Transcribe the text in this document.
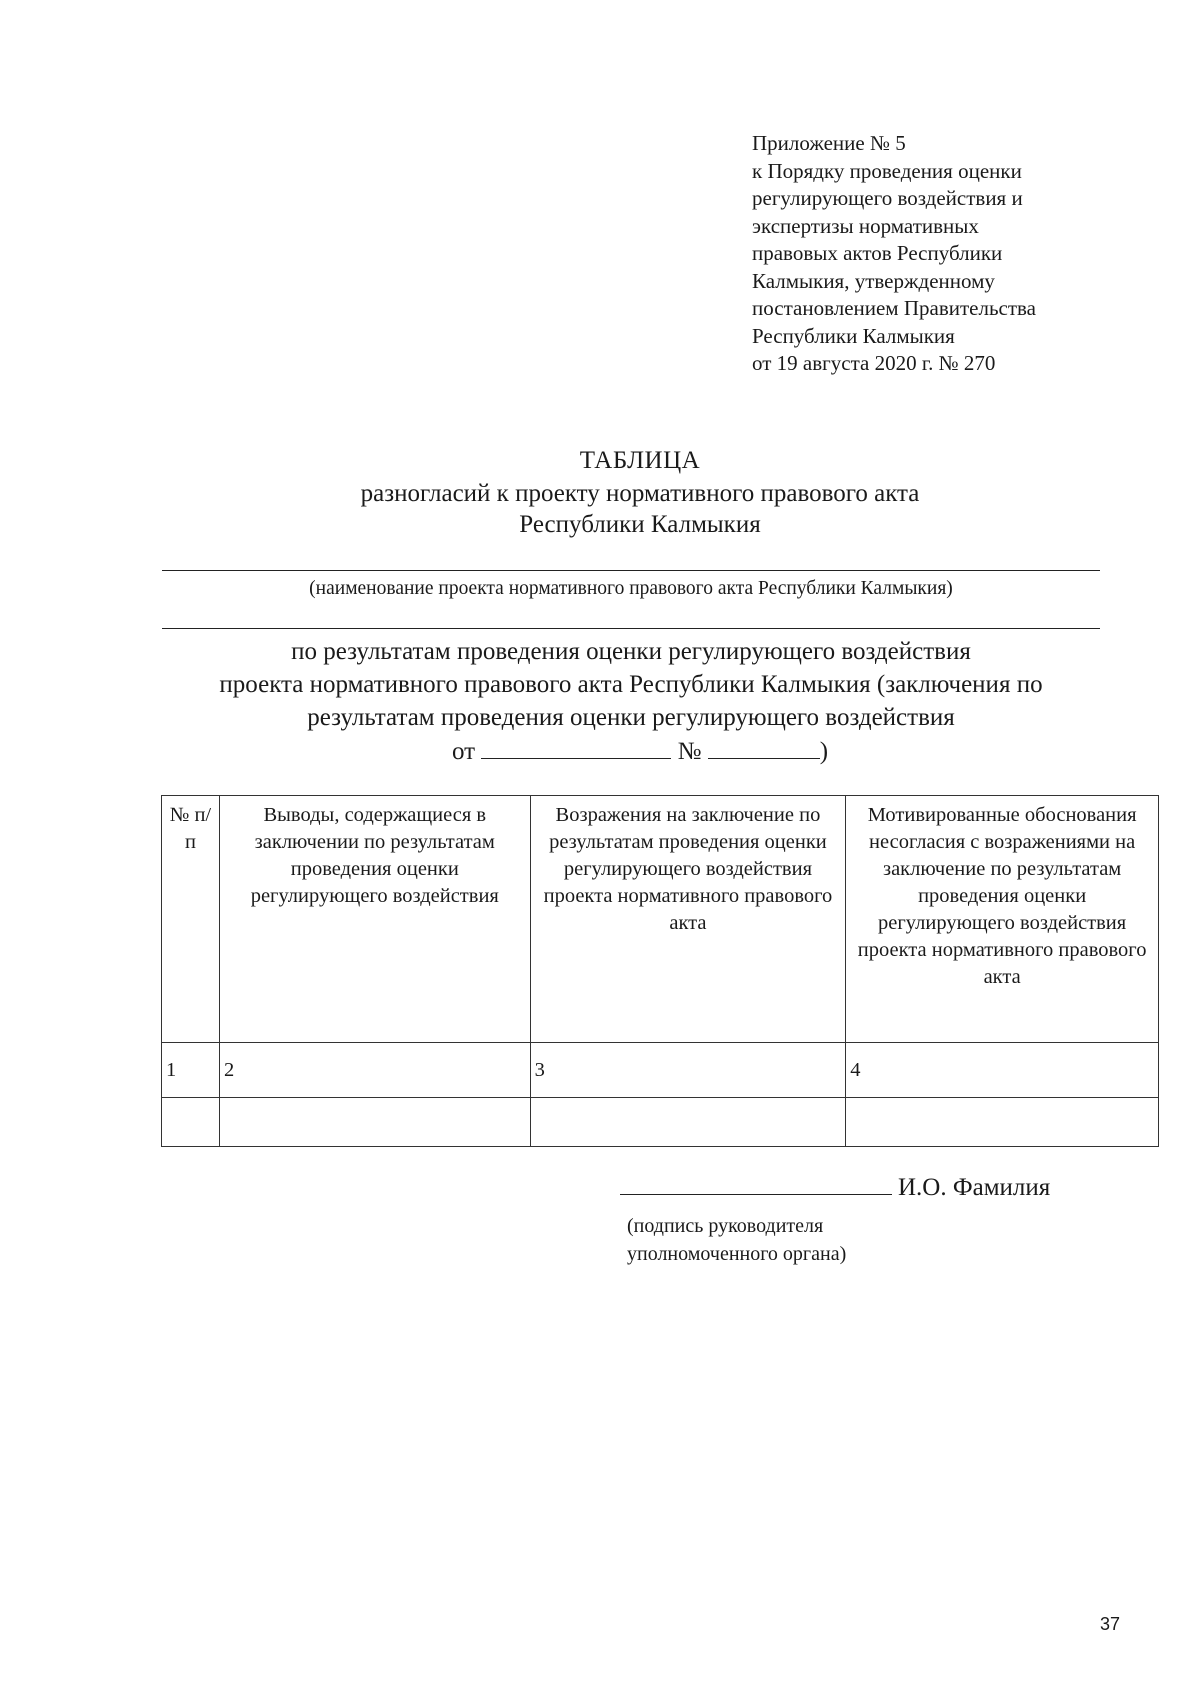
Приложение № 5
к Порядку проведения оценки
регулирующего воздействия и
экспертизы нормативных
правовых актов Республики
Калмыкия, утвержденному
постановлением Правительства
Республики Калмыкия
от 19 августа 2020 г. № 270
ТАБЛИЦА
разногласий к проекту нормативного правового акта
Республики Калмыкия
(наименование проекта нормативного правового акта Республики Калмыкия)
по результатам проведения оценки регулирующего воздействия
проекта нормативного правового акта Республики Калмыкия (заключения по
результатам проведения оценки регулирующего воздействия
от	№	)
№ п/п	Выводы, содержащиеся в заключении по результатам проведения оценки регулирующего воздействия	Возражения на заключение по результатам проведения оценки регулирующего воздействия проекта нормативного правового акта	Мотивированные обоснования несогласия с возражениями на заключение по результатам проведения оценки регулирующего воздействия проекта нормативного правового акта
1	2	3	4

И.О. Фамилия
(подпись руководителя
уполномоченного органа)
37
